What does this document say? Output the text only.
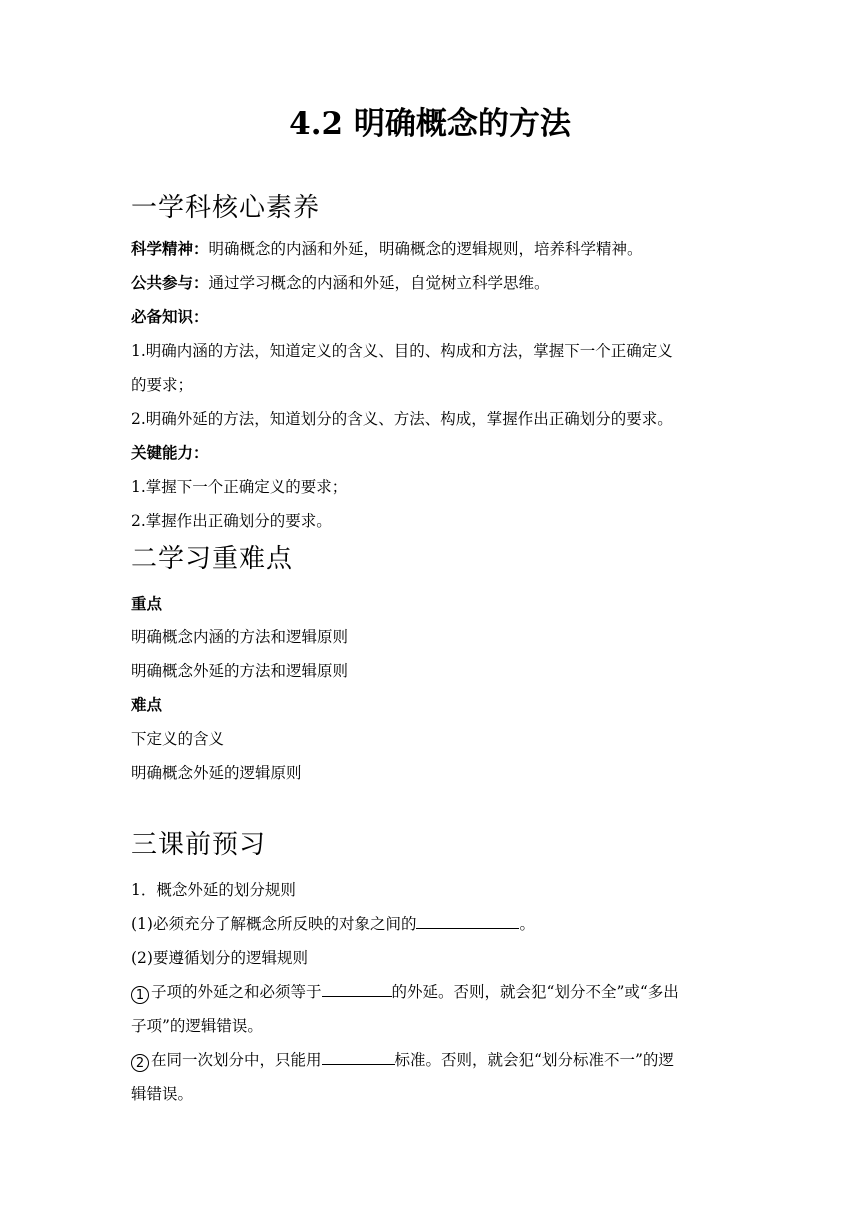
4.2 明确概念的方法
一学科核心素养
科学精神：明确概念的内涵和外延，明确概念的逻辑规则，培养科学精神。
公共参与：通过学习概念的内涵和外延，自觉树立科学思维。
必备知识：
1.明确内涵的方法，知道定义的含义、目的、构成和方法，掌握下一个正确定义
的要求；
2.明确外延的方法，知道划分的含义、方法、构成，掌握作出正确划分的要求。
关键能力：
1.掌握下一个正确定义的要求；
2.掌握作出正确划分的要求。
二学习重难点
重点
明确概念内涵的方法和逻辑原则
明确概念外延的方法和逻辑原则
难点
下定义的含义
明确概念外延的逻辑原则
三课前预习
1．概念外延的划分规则
(1)必须充分了解概念所反映的对象之间的	。
(2)要遵循划分的逻辑规则
1 子项的外延之和必须等于	的外延。否则，就会犯“划分不全”或“多出
子项”的逻辑错误。
2 在同一次划分中，只能用	标准。否则，就会犯“划分标准不一”的逻
辑错误。
